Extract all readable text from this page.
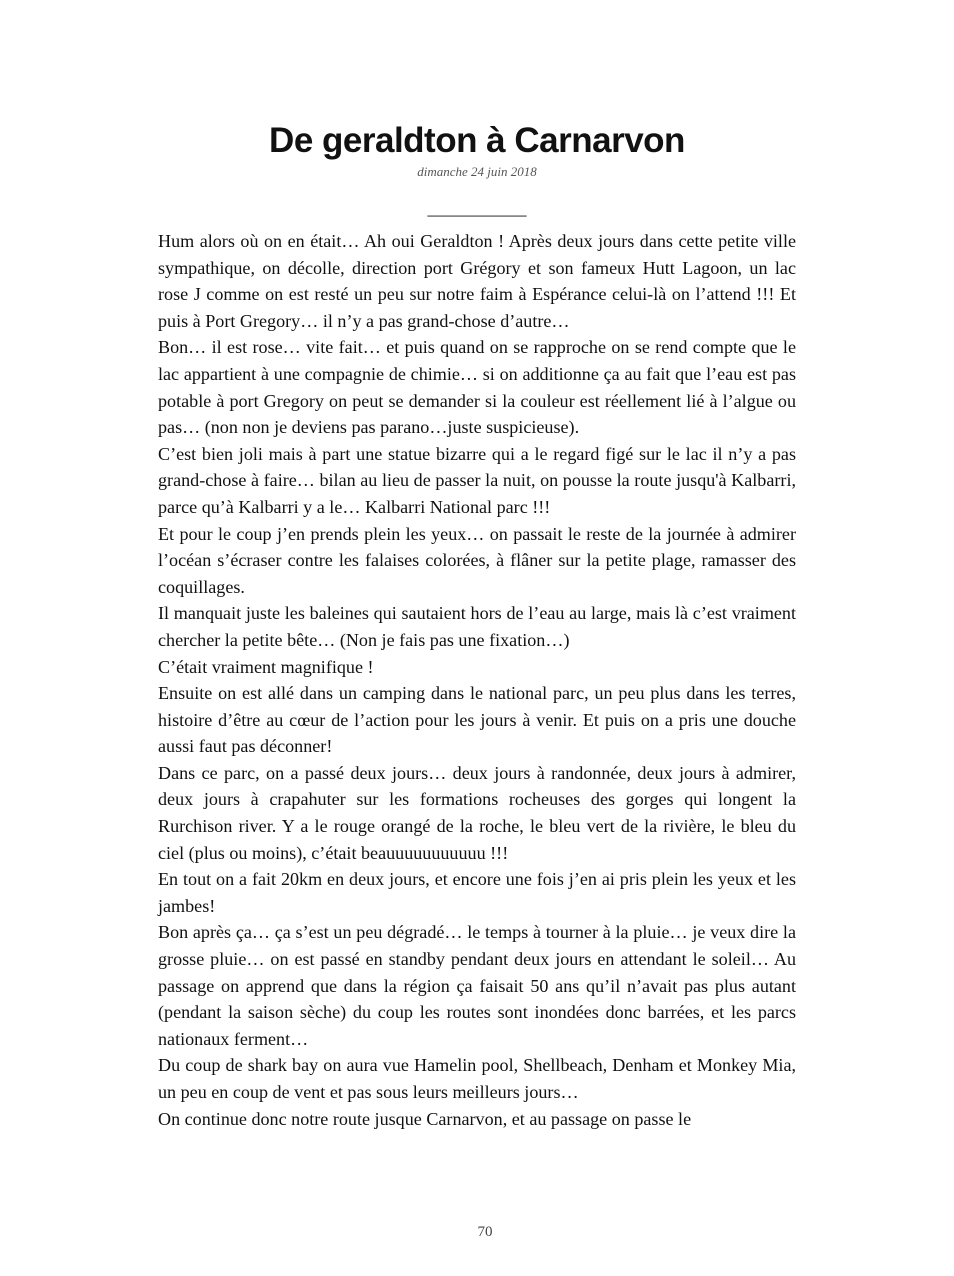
De geraldton à Carnarvon
dimanche 24 juin 2018
___________

Hum alors où on en était… Ah oui Geraldton ! Après deux jours dans cette petite ville sympathique, on décolle, direction port Grégory et son fameux Hutt Lagoon, un lac rose J comme on est resté un peu sur notre faim à Espérance celui-là on l’attend !!! Et puis à Port Gregory… il n’y a pas grand-chose d’autre…

Bon… il est rose… vite fait… et puis quand on se rapproche on se rend compte que le lac appartient à une compagnie de chimie… si on additionne ça au fait que l’eau est pas potable à port Gregory on peut se demander si la couleur est réellement lié à l’algue ou pas… (non non je deviens pas parano…juste suspicieuse).

C’est bien joli mais à part une statue bizarre qui a le regard figé sur le lac il n’y a pas grand-chose à faire… bilan au lieu de passer la nuit, on pousse la route jusqu'à Kalbarri, parce qu’à Kalbarri y a le… Kalbarri National parc !!!

Et pour le coup j’en prends plein les yeux… on passait le reste de la journée à admirer l’océan s’écraser contre les falaises colorées, à flâner sur la petite plage, ramasser des coquillages.

Il manquait juste les baleines qui sautaient hors de l’eau au large, mais là c’est vraiment chercher la petite bête… (Non je fais pas une fixation…)

C’était vraiment magnifique !

Ensuite on est allé dans un camping dans le national parc, un peu plus dans les terres, histoire d’être au cœur de l’action pour les jours à venir. Et puis on a pris une douche aussi faut pas déconner!

Dans ce parc, on a passé deux jours… deux jours à randonnée, deux jours à admirer, deux jours à crapahuter sur les formations rocheuses des gorges qui longent la Rurchison river. Y a le rouge orangé de la roche, le bleu vert de la rivière, le bleu du ciel (plus ou moins), c’était beauuuuuuuuuuu !!!

En tout on a fait 20km en deux jours, et encore une fois j’en ai pris plein les yeux et les jambes!

Bon après ça… ça s’est un peu dégradé… le temps à tourner à la pluie… je veux dire la grosse pluie… on est passé en standby pendant deux jours en attendant le soleil… Au passage on apprend que dans la région ça faisait 50 ans qu’il n’avait pas plus autant (pendant la saison sèche) du coup les routes sont inondées donc barrées, et les parcs nationaux ferment…

Du coup de shark bay on aura vue Hamelin pool, Shellbeach, Denham et Monkey Mia, un peu en coup de vent et pas sous leurs meilleurs jours…

On continue donc notre route jusque Carnarvon, et au passage on passe le

70
